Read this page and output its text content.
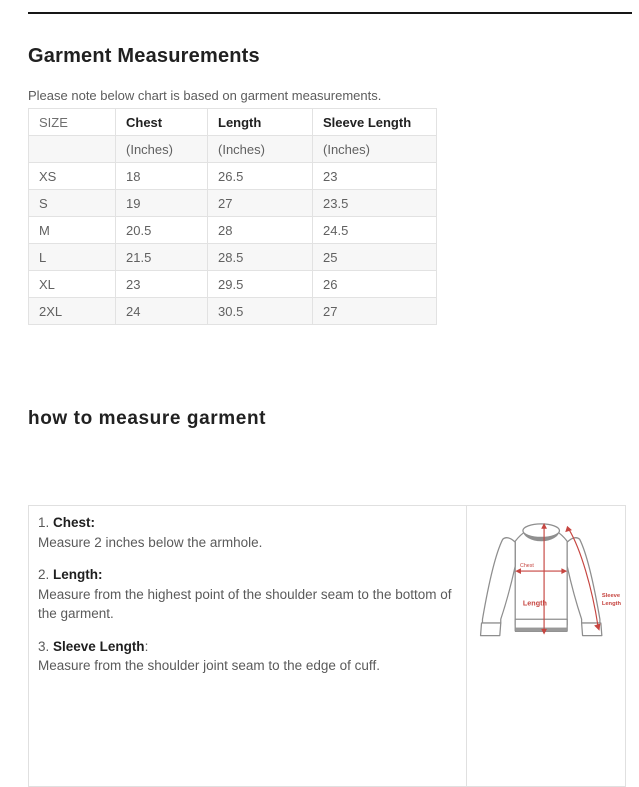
Garment Measurements
Please note below chart is based on garment measurements.
SIZE	Chest	Length	Sleeve Length
	(Inches)	(Inches)	(Inches)
XS	18	26.5	23
S	19	27	23.5
M	20.5	28	24.5
L	21.5	28.5	25
XL	23	29.5	26
2XL	24	30.5	27
how to measure garment
1. Chest:
Measure 2 inches below the armhole.
2. Length:
Measure from the highest point of the shoulder seam to the bottom of the garment.
3. Sleeve Length:
Measure from the shoulder joint seam to the edge of cuff.
Chest
Length
Sleeve
Length
